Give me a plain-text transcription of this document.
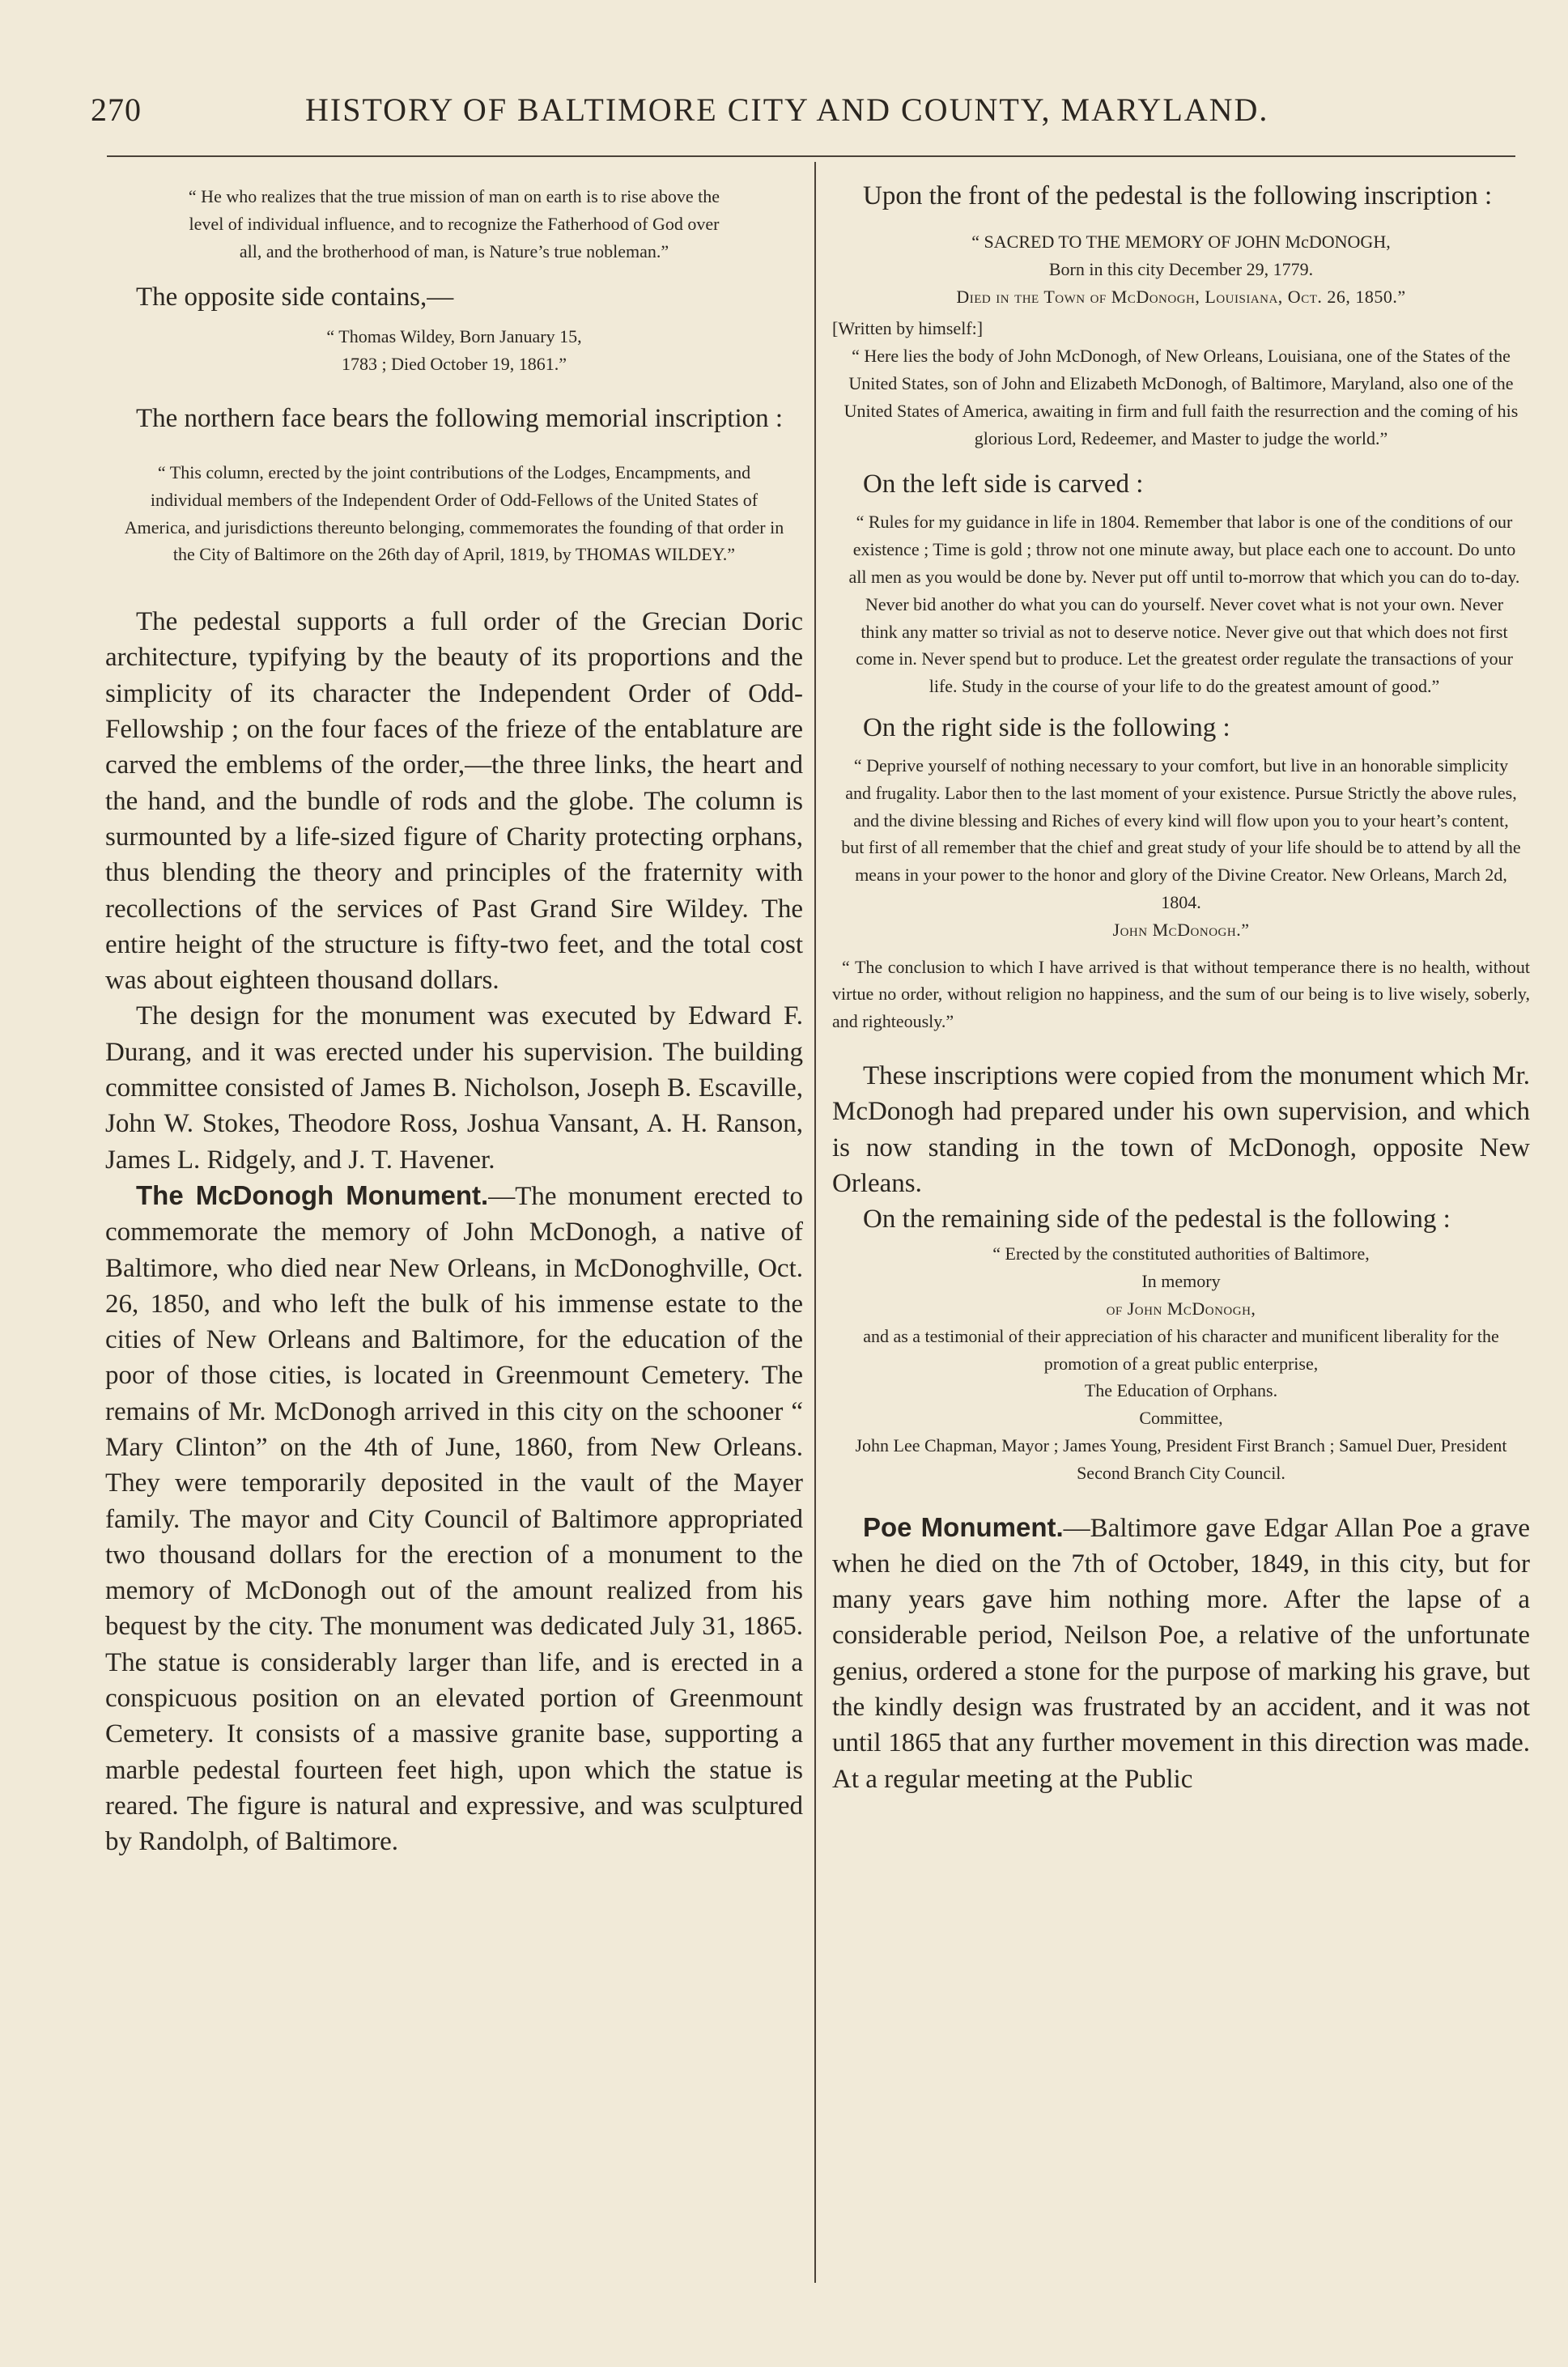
270	HISTORY OF BALTIMORE CITY AND COUNTY, MARYLAND.

“ He who realizes that the true mission of man on earth is to rise above the level of individual influence, and to recognize the Fatherhood of God over all, and the brotherhood of man, is Nature’s true nobleman.”

The opposite side contains,—

“ Thomas Wildey, Born January 15, 1783 ; Died October 19, 1861.”

The northern face bears the following memorial inscription :

“ This column, erected by the joint contributions of the Lodges, Encampments, and individual members of the Independent Order of Odd-Fellows of the United States of America, and jurisdictions thereunto belonging, commemorates the founding of that order in the City of Baltimore on the 26th day of April, 1819, by THOMAS WILDEY.”

The pedestal supports a full order of the Grecian Doric architecture, typifying by the beauty of its proportions and the simplicity of its character the Independent Order of Odd-Fellowship ; on the four faces of the frieze of the entablature are carved the emblems of the order,—the three links, the heart and the hand, and the bundle of rods and the globe. The column is surmounted by a life-sized figure of Charity protecting orphans, thus blending the theory and principles of the fraternity with recollections of the services of Past Grand Sire Wildey. The entire height of the structure is fifty-two feet, and the total cost was about eighteen thousand dollars.

The design for the monument was executed by Edward F. Durang, and it was erected under his supervision. The building committee consisted of James B. Nicholson, Joseph B. Escaville, John W. Stokes, Theodore Ross, Joshua Vansant, A. H. Ranson, James L. Ridgely, and J. T. Havener.

The McDonogh Monument.—The monument erected to commemorate the memory of John McDonogh, a native of Baltimore, who died near New Orleans, in McDonoghville, Oct. 26, 1850, and who left the bulk of his immense estate to the cities of New Orleans and Baltimore, for the education of the poor of those cities, is located in Greenmount Cemetery. The remains of Mr. McDonogh arrived in this city on the schooner “ Mary Clinton” on the 4th of June, 1860, from New Orleans. They were temporarily deposited in the vault of the Mayer family. The mayor and City Council of Baltimore appropriated two thousand dollars for the erection of a monument to the memory of McDonogh out of the amount realized from his bequest by the city. The monument was dedicated July 31, 1865. The statue is considerably larger than life, and is erected in a conspicuous position on an elevated portion of Greenmount Cemetery. It consists of a massive granite base, supporting a marble pedestal fourteen feet high, upon which the statue is reared. The figure is natural and expressive, and was sculptured by Randolph, of Baltimore.

Upon the front of the pedestal is the following inscription :

“ SACRED TO THE MEMORY OF JOHN McDONOGH,

Born in this city December 29, 1779.

Died in the Town of McDonogh, Louisiana, Oct. 26, 1850.”

[Written by himself:]

“ Here lies the body of John McDonogh, of New Orleans, Louisiana, one of the States of the United States, son of John and Elizabeth McDonogh, of Baltimore, Maryland, also one of the United States of America, awaiting in firm and full faith the resurrection and the coming of his glorious Lord, Redeemer, and Master to judge the world.”

On the left side is carved :

“ Rules for my guidance in life in 1804. Remember that labor is one of the conditions of our existence ; Time is gold ; throw not one minute away, but place each one to account. Do unto all men as you would be done by. Never put off until to-morrow that which you can do to-day. Never bid another do what you can do yourself. Never covet what is not your own. Never think any matter so trivial as not to deserve notice. Never give out that which does not first come in. Never spend but to produce. Let the greatest order regulate the transactions of your life. Study in the course of your life to do the greatest amount of good.”

On the right side is the following :

“ Deprive yourself of nothing necessary to your comfort, but live in an honorable simplicity and frugality. Labor then to the last moment of your existence. Pursue Strictly the above rules, and the divine blessing and Riches of every kind will flow upon you to your heart’s content, but first of all remember that the chief and great study of your life should be to attend by all the means in your power to the honor and glory of the Divine Creator. New Orleans, March 2d, 1804.

John McDonogh.”

“ The conclusion to which I have arrived is that without temperance there is no health, without virtue no order, without religion no happiness, and the sum of our being is to live wisely, soberly, and righteously.”

These inscriptions were copied from the monument which Mr. McDonogh had prepared under his own supervision, and which is now standing in the town of McDonogh, opposite New Orleans.

On the remaining side of the pedestal is the following :

“ Erected by the constituted authorities of Baltimore,

In memory

of John McDonogh,

and as a testimonial of their appreciation of his character and munificent liberality for the promotion of a great public enterprise,

The Education of Orphans.

Committee,

John Lee Chapman, Mayor ; James Young, President First Branch ; Samuel Duer, President Second Branch City Council.

Poe Monument.—Baltimore gave Edgar Allan Poe a grave when he died on the 7th of October, 1849, in this city, but for many years gave him nothing more. After the lapse of a considerable period, Neilson Poe, a relative of the unfortunate genius, ordered a stone for the purpose of marking his grave, but the kindly design was frustrated by an accident, and it was not until 1865 that any further movement in this direction was made. At a regular meeting at the Public
